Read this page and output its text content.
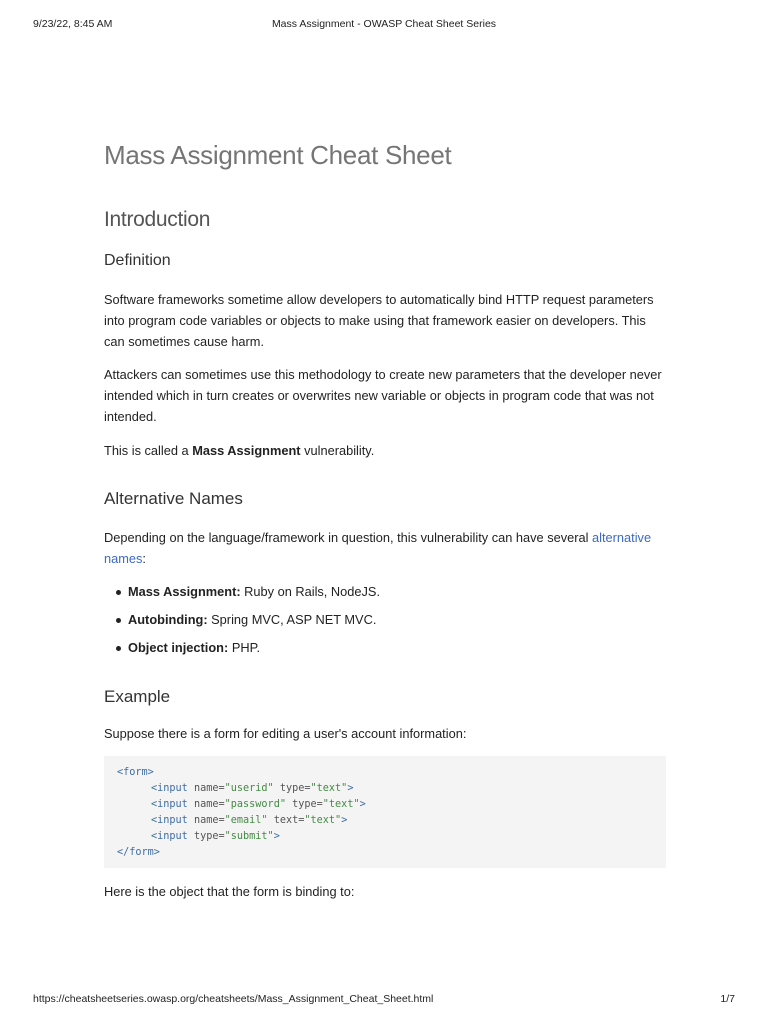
9/23/22, 8:45 AM	Mass Assignment - OWASP Cheat Sheet Series
Mass Assignment Cheat Sheet
Introduction
Definition

Software frameworks sometime allow developers to automatically bind HTTP request parameters into program code variables or objects to make using that framework easier on developers. This can sometimes cause harm.

Attackers can sometimes use this methodology to create new parameters that the developer never intended which in turn creates or overwrites new variable or objects in program code that was not intended.

This is called a Mass Assignment vulnerability.

Alternative Names

Depending on the language/framework in question, this vulnerability can have several alternative names:

Mass Assignment: Ruby on Rails, NodeJS.
Autobinding: Spring MVC, ASP NET MVC.
Object injection: PHP.
Example

Suppose there is a form for editing a user's account information:

<form>
<input name="userid" type="text">
<input name="password" type="text">
<input name="email" text="text">
<input type="submit">
</form>

Here is the object that the form is binding to:

https://cheatsheetseries.owasp.org/cheatsheets/Mass_Assignment_Cheat_Sheet.html	1/7
